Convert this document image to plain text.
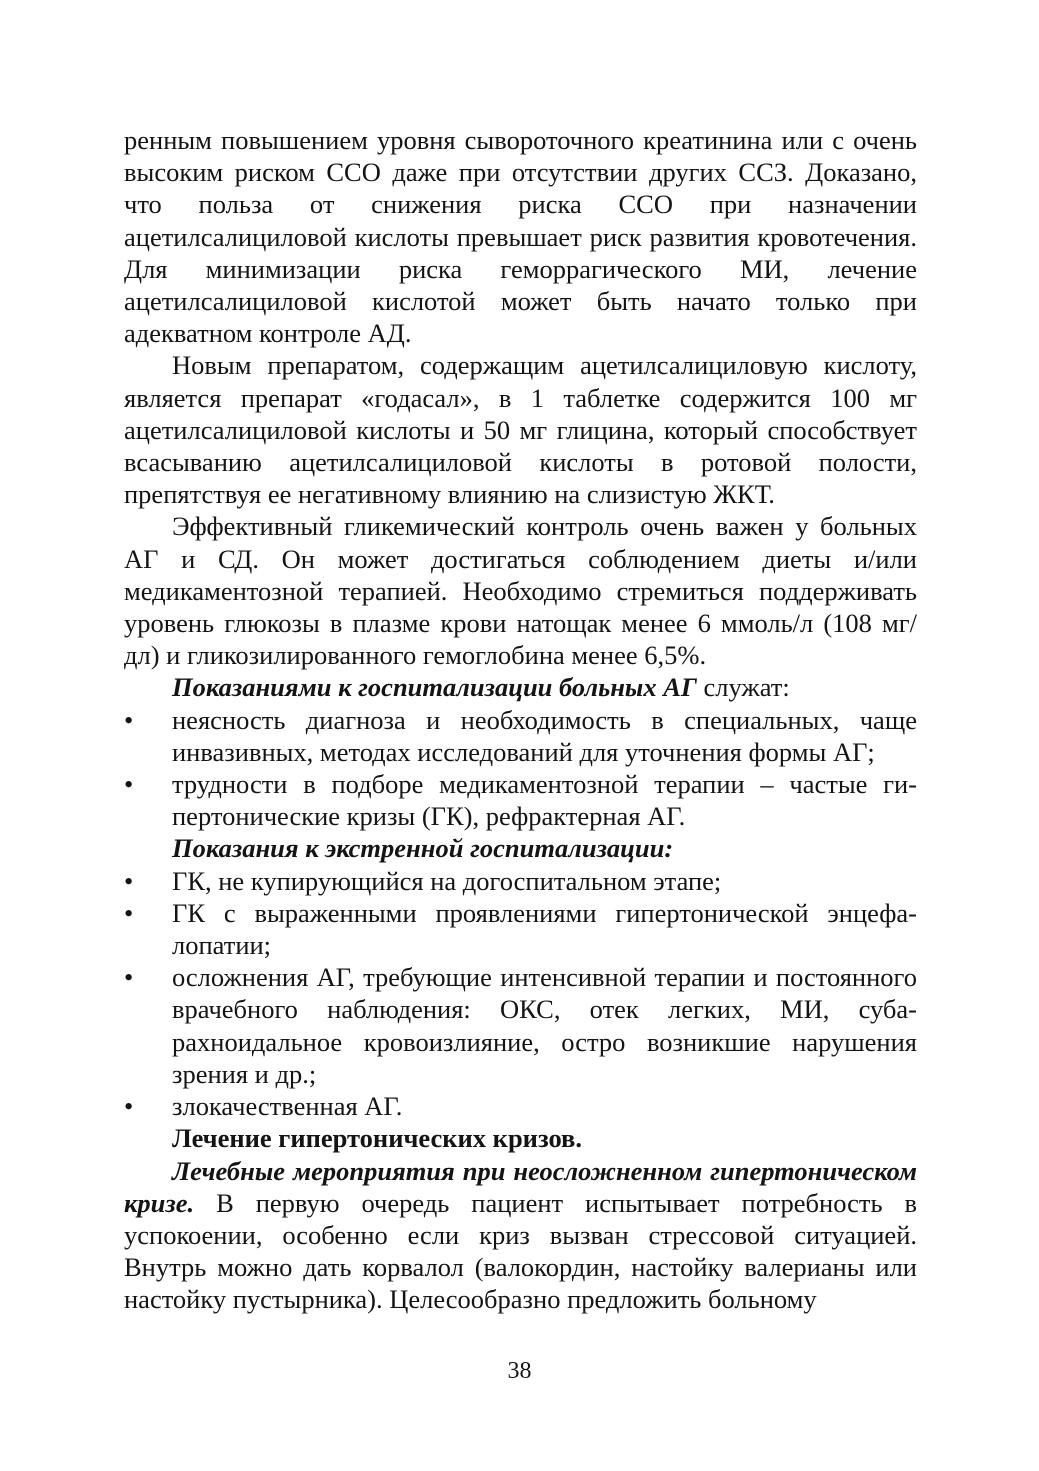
ренным повышением уровня сывороточного креатинина или с очень высоким риском ССО даже при отсутствии других ССЗ. Доказано, что польза от снижения риска ССО при назначении ацетилсалициловой кислоты превышает риск развития кровотечения. Для минимизации риска геморрагического МИ, лечение ацетилсалициловой кислотой может быть начато только при адекватном контроле АД.

Новым препаратом, содержащим ацетилсалициловую кислоту, является препарат «годасал», в 1 таблетке содержится 100 мг ацетилсалициловой кислоты и 50 мг глицина, который способствует всасыванию ацетилсалициловой кислоты в ротовой полости, препятствуя ее негативному влиянию на слизистую ЖКТ.

Эффективный гликемический контроль очень важен у больных АГ и СД. Он может достигаться соблюдением диеты и/или медикаментозной терапией. Необходимо стремиться поддерживать уровень глюкозы в плазме крови натощак менее 6 ммоль/л (108 мг/дл) и гликозилированного гемоглобина менее 6,5%.

Показаниями к госпитализации больных АГ служат:

• неясность диагноза и необходимость в специальных, чаще инвазивных, методах исследований для уточнения формы АГ;
• трудности в подборе медикаментозной терапии – частые гипертонические кризы (ГК), рефрактерная АГ.

Показания к экстренной госпитализации:

• ГК, не купирующийся на догоспитальном этапе;
• ГК с выраженными проявлениями гипертонической энцефалопатии;
• осложнения АГ, требующие интенсивной терапии и постоянного врачебного наблюдения: ОКС, отек легких, МИ, субарахноидальное кровоизлияние, остро возникшие нарушения зрения и др.;
• злокачественная АГ.

Лечение гипертонических кризов.

Лечебные мероприятия при неосложненном гипертоническом кризе. В первую очередь пациент испытывает потребность в успокоении, особенно если криз вызван стрессовой ситуацией. Внутрь можно дать корвалол (валокордин, настойку валерианы или настойку пустырника). Целесообразно предложить больному

38
